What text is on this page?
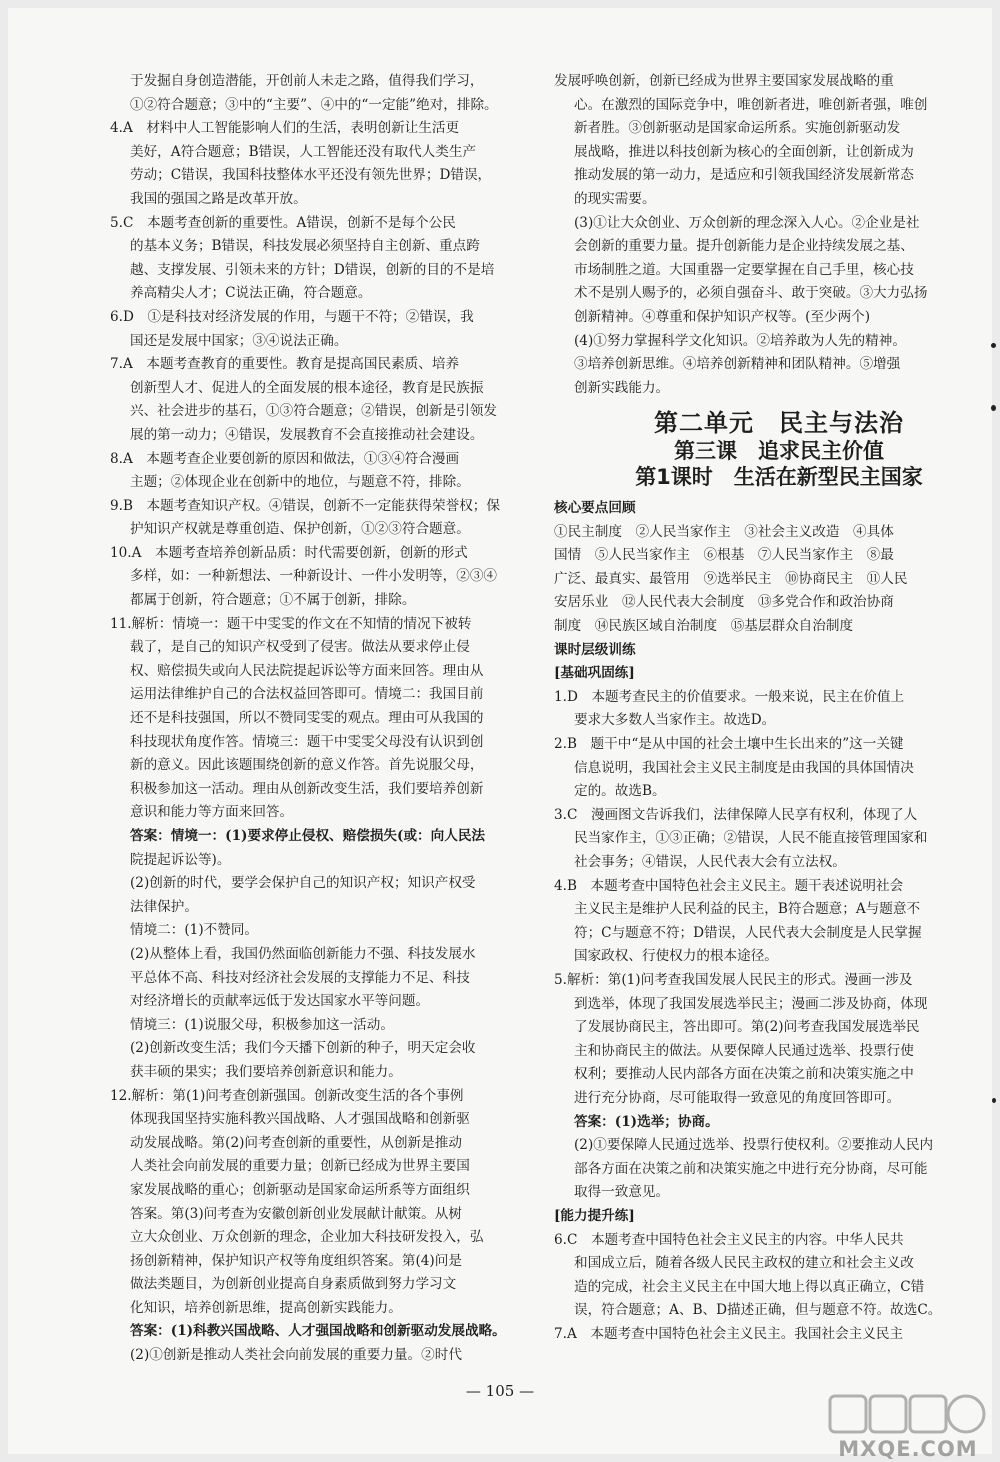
于发掘自身创造潜能，开创前人未走之路，值得我们学习，
①②符合题意；③中的“主要”、④中的“一定能”绝对，排除。
4.A　材料中人工智能影响人们的生活，表明创新让生活更
美好，A符合题意；B错误，人工智能还没有取代人类生产
劳动；C错误，我国科技整体水平还没有领先世界；D错误，
我国的强国之路是改革开放。
5.C　本题考查创新的重要性。A错误，创新不是每个公民
的基本义务；B错误，科技发展必须坚持自主创新、重点跨
越、支撑发展、引领未来的方针；D错误，创新的目的不是培
养高精尖人才；C说法正确，符合题意。
6.D　①是科技对经济发展的作用，与题干不符；②错误，我
国还是发展中国家；③④说法正确。
7.A　本题考查教育的重要性。教育是提高国民素质、培养
创新型人才、促进人的全面发展的根本途径，教育是民族振
兴、社会进步的基石，①③符合题意；②错误，创新是引领发
展的第一动力；④错误，发展教育不会直接推动社会建设。
8.A　本题考查企业要创新的原因和做法，①③④符合漫画
主题；②体现企业在创新中的地位，与题意不符，排除。
9.B　本题考查知识产权。④错误，创新不一定能获得荣誉权；保
护知识产权就是尊重创造、保护创新，①②③符合题意。
10.A　本题考查培养创新品质：时代需要创新，创新的形式
多样，如：一种新想法、一种新设计、一件小发明等，②③④
都属于创新，符合题意；①不属于创新，排除。
11.解析：情境一：题干中雯雯的作文在不知情的情况下被转
载了，是自己的知识产权受到了侵害。做法从要求停止侵
权、赔偿损失或向人民法院提起诉讼等方面来回答。理由从
运用法律维护自己的合法权益回答即可。情境二：我国目前
还不是科技强国，所以不赞同雯雯的观点。理由可从我国的
科技现状角度作答。情境三：题干中雯雯父母没有认识到创
新的意义。因此该题围绕创新的意义作答。首先说服父母，
积极参加这一活动。理由从创新改变生活，我们要培养创新
意识和能力等方面来回答。
答案：情境一：(1)要求停止侵权、赔偿损失(或：向人民法
院提起诉讼等)。
(2)创新的时代，要学会保护自己的知识产权；知识产权受
法律保护。
情境二：(1)不赞同。
(2)从整体上看，我国仍然面临创新能力不强、科技发展水
平总体不高、科技对经济社会发展的支撑能力不足、科技
对经济增长的贡献率远低于发达国家水平等问题。
情境三：(1)说服父母，积极参加这一活动。
(2)创新改变生活；我们今天播下创新的种子，明天定会收
获丰硕的果实；我们要培养创新意识和能力。
12.解析：第(1)问考查创新强国。创新改变生活的各个事例
体现我国坚持实施科教兴国战略、人才强国战略和创新驱
动发展战略。第(2)问考查创新的重要性，从创新是推动
人类社会向前发展的重要力量；创新已经成为世界主要国
家发展战略的重心；创新驱动是国家命运所系等方面组织
答案。第(3)问考查为安徽创新创业发展献计献策。从树
立大众创业、万众创新的理念，企业加大科技研发投入，弘
扬创新精神，保护知识产权等角度组织答案。第(4)问是
做法类题目，为创新创业提高自身素质做到努力学习文
化知识，培养创新思维，提高创新实践能力。
答案：(1)科教兴国战略、人才强国战略和创新驱动发展战略。
(2)①创新是推动人类社会向前发展的重要力量。②时代
发展呼唤创新，创新已经成为世界主要国家发展战略的重
心。在激烈的国际竞争中，唯创新者进，唯创新者强，唯创
新者胜。③创新驱动是国家命运所系。实施创新驱动发
展战略，推进以科技创新为核心的全面创新，让创新成为
推动发展的第一动力，是适应和引领我国经济发展新常态
的现实需要。
(3)①让大众创业、万众创新的理念深入人心。②企业是社
会创新的重要力量。提升创新能力是企业持续发展之基、
市场制胜之道。大国重器一定要掌握在自己手里，核心技
术不是别人赐予的，必须自强奋斗、敢于突破。③大力弘扬
创新精神。④尊重和保护知识产权等。(至少两个)
(4)①努力掌握科学文化知识。②培养敢为人先的精神。
③培养创新思维。④培养创新精神和团队精神。⑤增强
创新实践能力。
第二单元　民主与法治
第三课　追求民主价值
第1课时　生活在新型民主国家
核心要点回顾
①民主制度　②人民当家作主　③社会主义改造　④具体
国情　⑤人民当家作主　⑥根基　⑦人民当家作主　⑧最
广泛、最真实、最管用　⑨选举民主　⑩协商民主　⑪人民
安居乐业　⑫人民代表大会制度　⑬多党合作和政治协商
制度　⑭民族区域自治制度　⑮基层群众自治制度
课时层级训练
[基础巩固练]
1.D　本题考查民主的价值要求。一般来说，民主在价值上
要求大多数人当家作主。故选D。
2.B　题干中“是从中国的社会土壤中生长出来的”这一关键
信息说明，我国社会主义民主制度是由我国的具体国情决
定的。故选B。
3.C　漫画图文告诉我们，法律保障人民享有权利，体现了人
民当家作主，①③正确；②错误，人民不能直接管理国家和
社会事务；④错误，人民代表大会有立法权。
4.B　本题考查中国特色社会主义民主。题干表述说明社会
主义民主是维护人民利益的民主，B符合题意；A与题意不
符；C与题意不符；D错误，人民代表大会制度是人民掌握
国家政权、行使权力的根本途径。
5.解析：第(1)问考查我国发展人民民主的形式。漫画一涉及
到选举，体现了我国发展选举民主；漫画二涉及协商，体现
了发展协商民主，答出即可。第(2)问考查我国发展选举民
主和协商民主的做法。从要保障人民通过选举、投票行使
权利；要推动人民内部各方面在决策之前和决策实施之中
进行充分协商，尽可能取得一致意见的角度回答即可。
答案：(1)选举；协商。
(2)①要保障人民通过选举、投票行使权利。②要推动人民内
部各方面在决策之前和决策实施之中进行充分协商，尽可能
取得一致意见。
[能力提升练]
6.C　本题考查中国特色社会主义民主的内容。中华人民共
和国成立后，随着各级人民民主政权的建立和社会主义改
造的完成，社会主义民主在中国大地上得以真正确立，C错
误，符合题意；A、B、D描述正确，但与题意不符。故选C。
7.A　本题考查中国特色社会主义民主。我国社会主义民主
— 105 —
MXQE.COM
